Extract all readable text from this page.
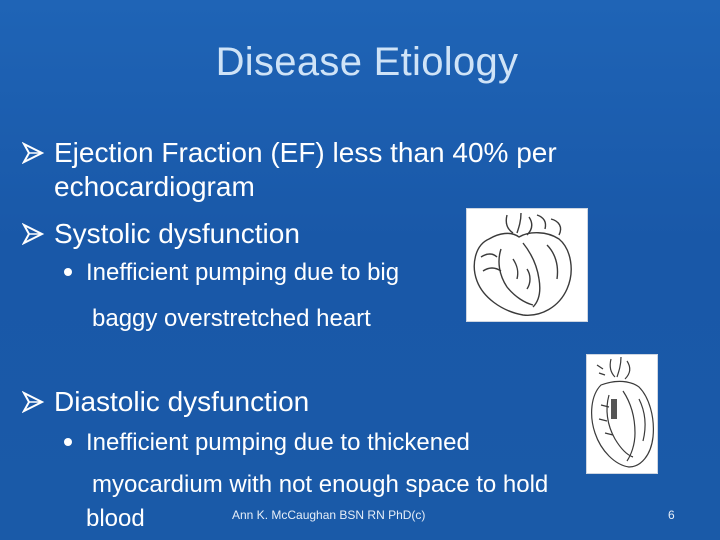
Disease Etiology
Ejection Fraction (EF) less than 40% per
echocardiogram
Systolic dysfunction
Inefficient pumping due to big
baggy overstretched heart
Diastolic dysfunction
Inefficient pumping due to thickened
myocardium with not enough space to hold
blood	Ann K. McCaughan BSN RN PhD(c)	6
